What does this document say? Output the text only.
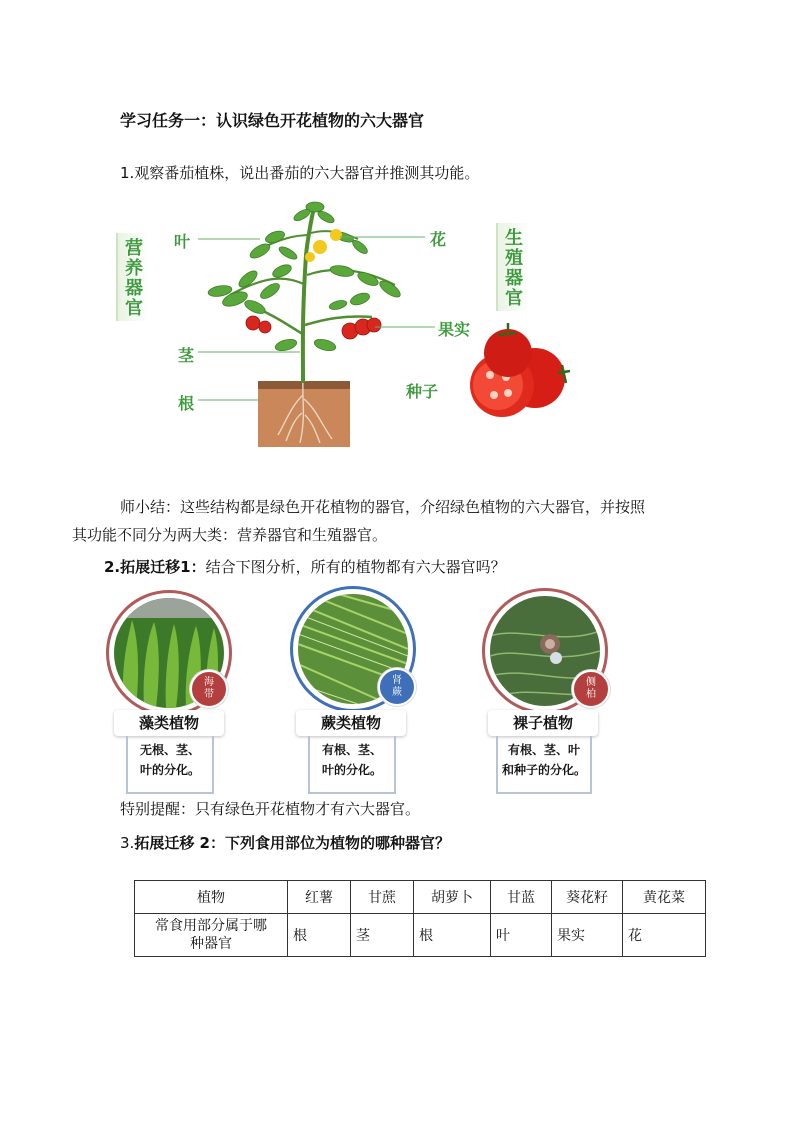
学习任务一：认识绿色开花植物的六大器官
1.观察番茄植株，说出番茄的六大器官并推测其功能。
营养器官
生殖器官
叶	花
果实
茎
种子
根
师小结：这些结构都是绿色开花植物的器官，介绍绿色植物的六大器官，并按照
其功能不同分为两大类：营养器官和生殖器官。
2.拓展迁移1：结合下图分析，所有的植物都有六大器官吗？
海
带
藻类植物
无根、茎、
叶的分化。
肾
蕨
蕨类植物
有根、茎、
叶的分化。
侧
柏
裸子植物
有根、茎、叶
和种子的分化。
特别提醒：只有绿色开花植物才有六大器官。
3.拓展迁移 2：下列食用部位为植物的哪种器官？
植物	红薯	甘蔗	胡萝卜	甘蓝	葵花籽	黄花菜

常食用部分属于哪
种器官	根	茎	根	叶	果实	花
